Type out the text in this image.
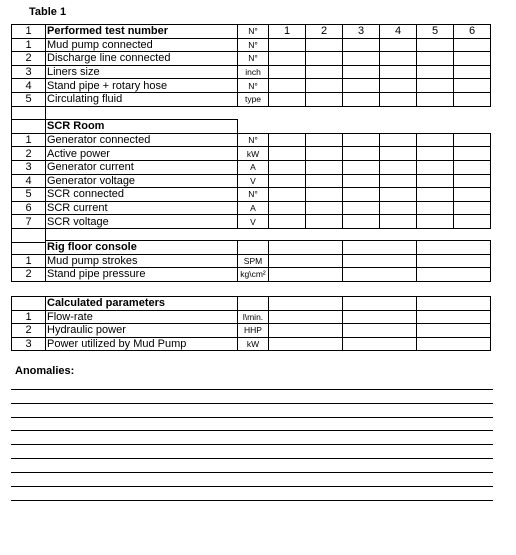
Table 1
1	Performed test number	N°	1	2	3	4	5	6
1	Mud pump connected	N°						
2	Discharge line connected	N°						
3	Liners size	inch						
4	Stand pipe + rotary hose	N°						
5	Circulating fluid	type						

	SCR Room							
1	Generator connected	N°						
2	Active power	kW						
3	Generator current	A						
4	Generator voltage	V						
5	SCR connected	N°						
6	SCR current	A						
7	SCR voltage	V						

	Rig floor console				
1	Mud pump strokes	SPM			
2	Stand pipe pressure	kg\cm²			
	Calculated parameters				
1	Flow-rate	l\min.			
2	Hydraulic power	HHP			
3	Power utilized by Mud Pump	kW			
Anomalies:
